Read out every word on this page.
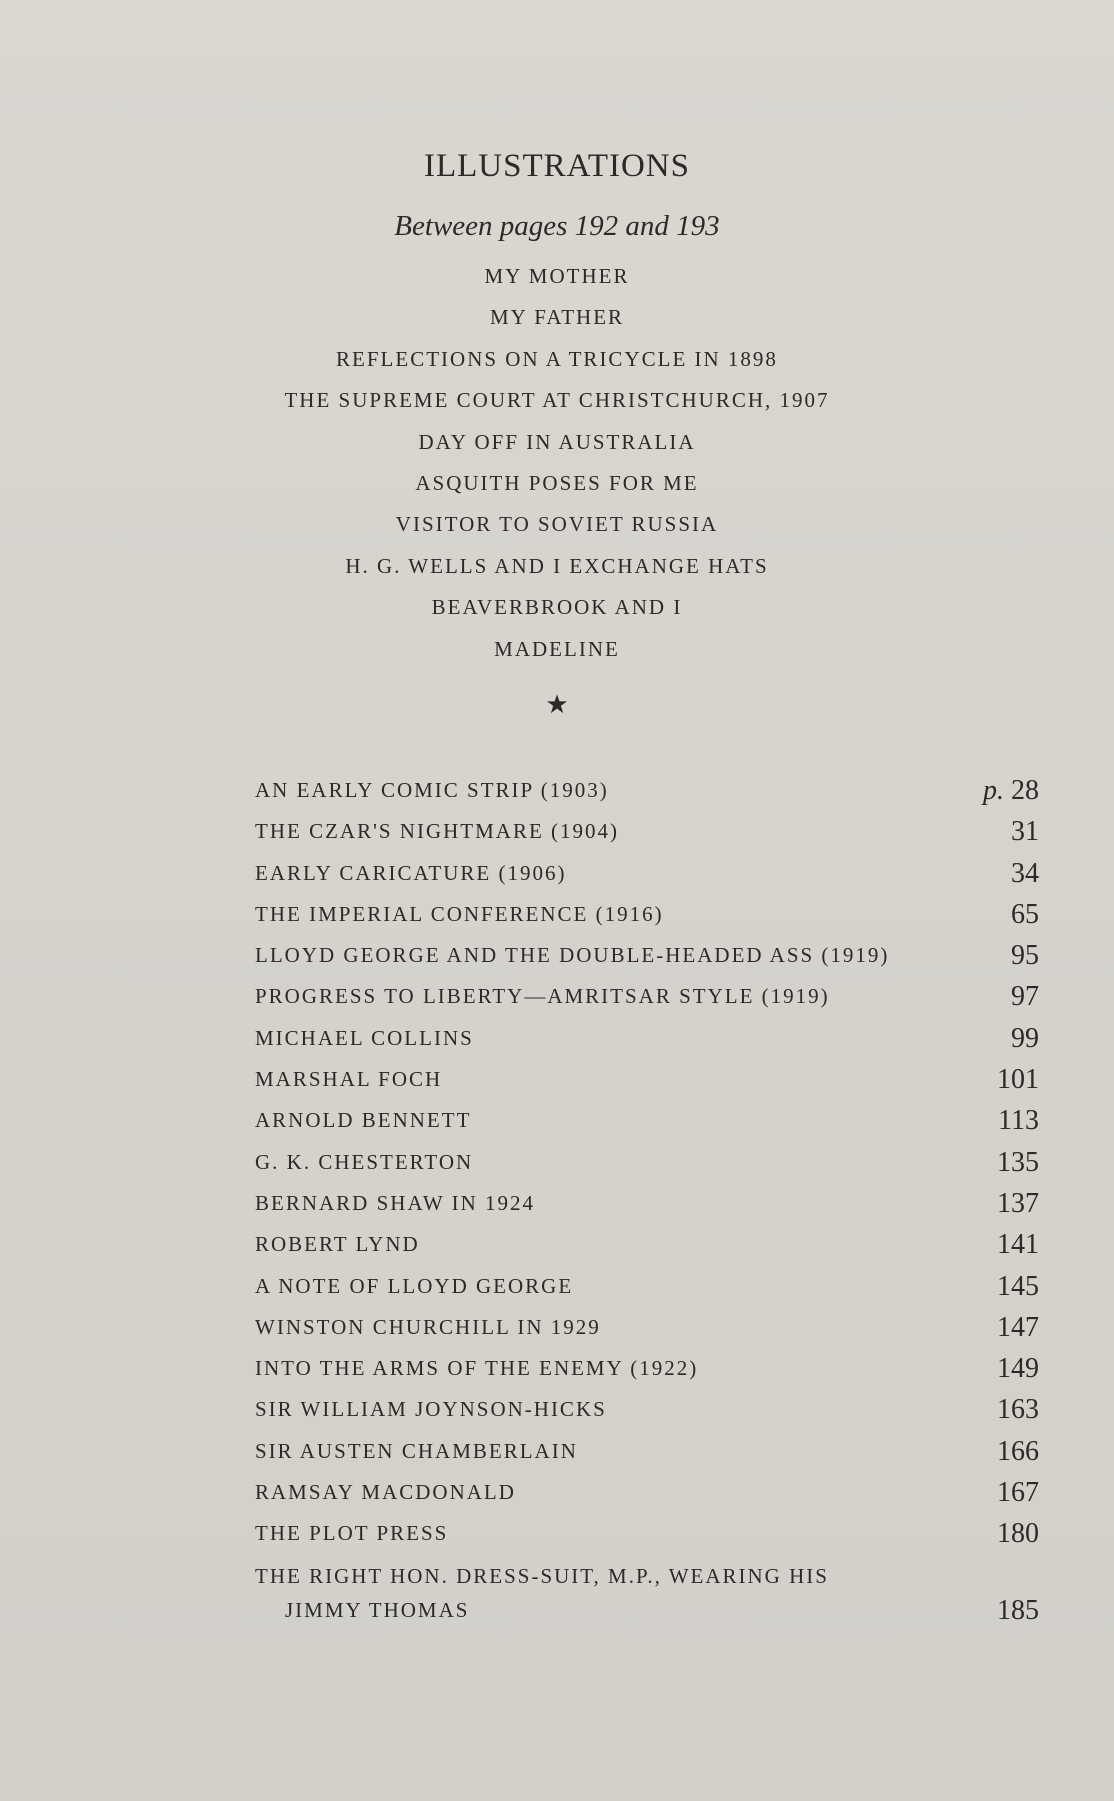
ILLUSTRATIONS
Between pages 192 and 193
MY MOTHER
MY FATHER
REFLECTIONS ON A TRICYCLE IN 1898
THE SUPREME COURT AT CHRISTCHURCH, 1907
DAY OFF IN AUSTRALIA
ASQUITH POSES FOR ME
VISITOR TO SOVIET RUSSIA
H. G. WELLS AND I EXCHANGE HATS
BEAVERBROOK AND I
MADELINE
★
AN EARLY COMIC STRIP (1903)	p. 28
THE CZAR'S NIGHTMARE (1904)	31
EARLY CARICATURE (1906)	34
THE IMPERIAL CONFERENCE (1916)	65
LLOYD GEORGE AND THE DOUBLE-HEADED ASS (1919)	95
PROGRESS TO LIBERTY—AMRITSAR STYLE (1919)	97
MICHAEL COLLINS	99
MARSHAL FOCH	101
ARNOLD BENNETT	113
G. K. CHESTERTON	135
BERNARD SHAW IN 1924	137
ROBERT LYND	141
A NOTE OF LLOYD GEORGE	145
WINSTON CHURCHILL IN 1929	147
INTO THE ARMS OF THE ENEMY (1922)	149
SIR WILLIAM JOYNSON-HICKS	163
SIR AUSTEN CHAMBERLAIN	166
RAMSAY MACDONALD	167
THE PLOT PRESS	180
THE RIGHT HON. DRESS-SUIT, M.P., WEARING HIS
JIMMY THOMAS	185
